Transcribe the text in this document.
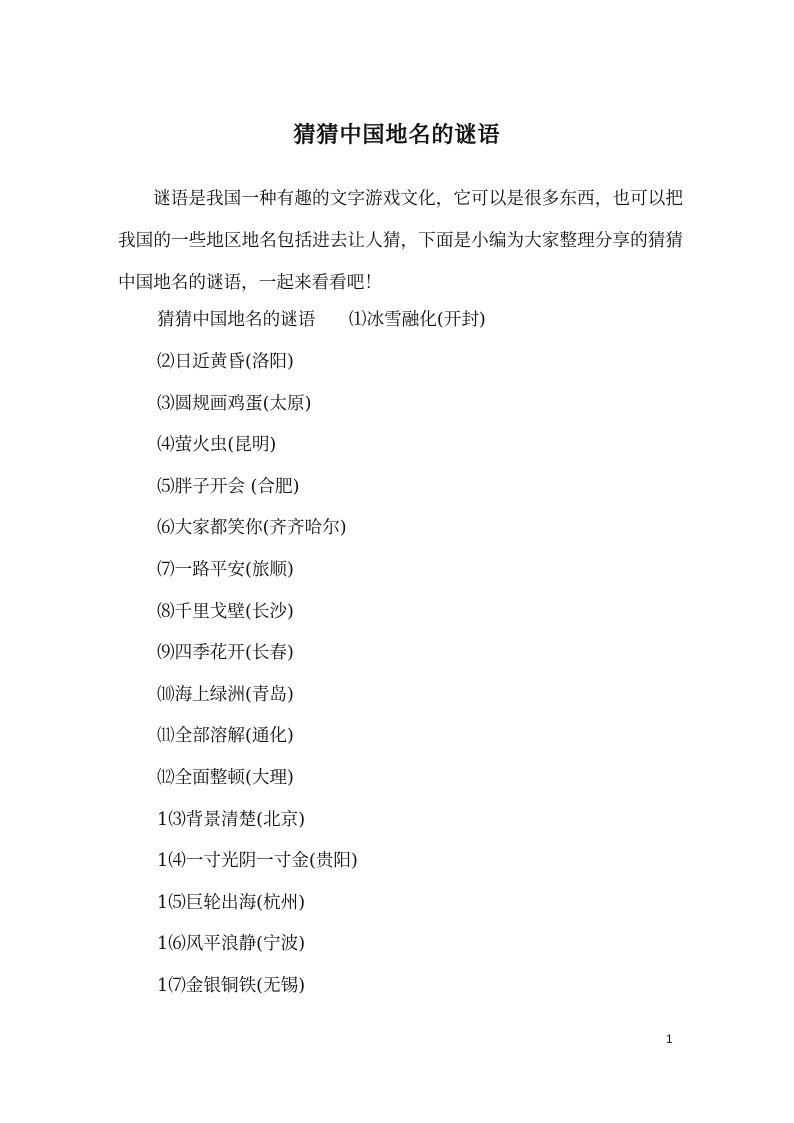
猜猜中国地名的谜语
谜语是我国一种有趣的文字游戏文化，它可以是很多东西，也可以把我国的一些地区地名包括进去让人猜，下面是小编为大家整理分享的猜猜中国地名的谜语，一起来看看吧！
猜猜中国地名的谜语      ⑴冰雪融化(开封)
⑵日近黄昏(洛阳)
⑶圆规画鸡蛋(太原)
⑷萤火虫(昆明)
⑸胖子开会 (合肥)
⑹大家都笑你(齐齐哈尔)
⑺一路平安(旅顺)
⑻千里戈壁(长沙)
⑼四季花开(长春)
⑽海上绿洲(青岛)
⑾全部溶解(通化)
⑿全面整顿(大理)
1⑶背景清楚(北京)
1⑷一寸光阴一寸金(贵阳)
1⑸巨轮出海(杭州)
1⑹风平浪静(宁波)
1⑺金银铜铁(无锡)
1
